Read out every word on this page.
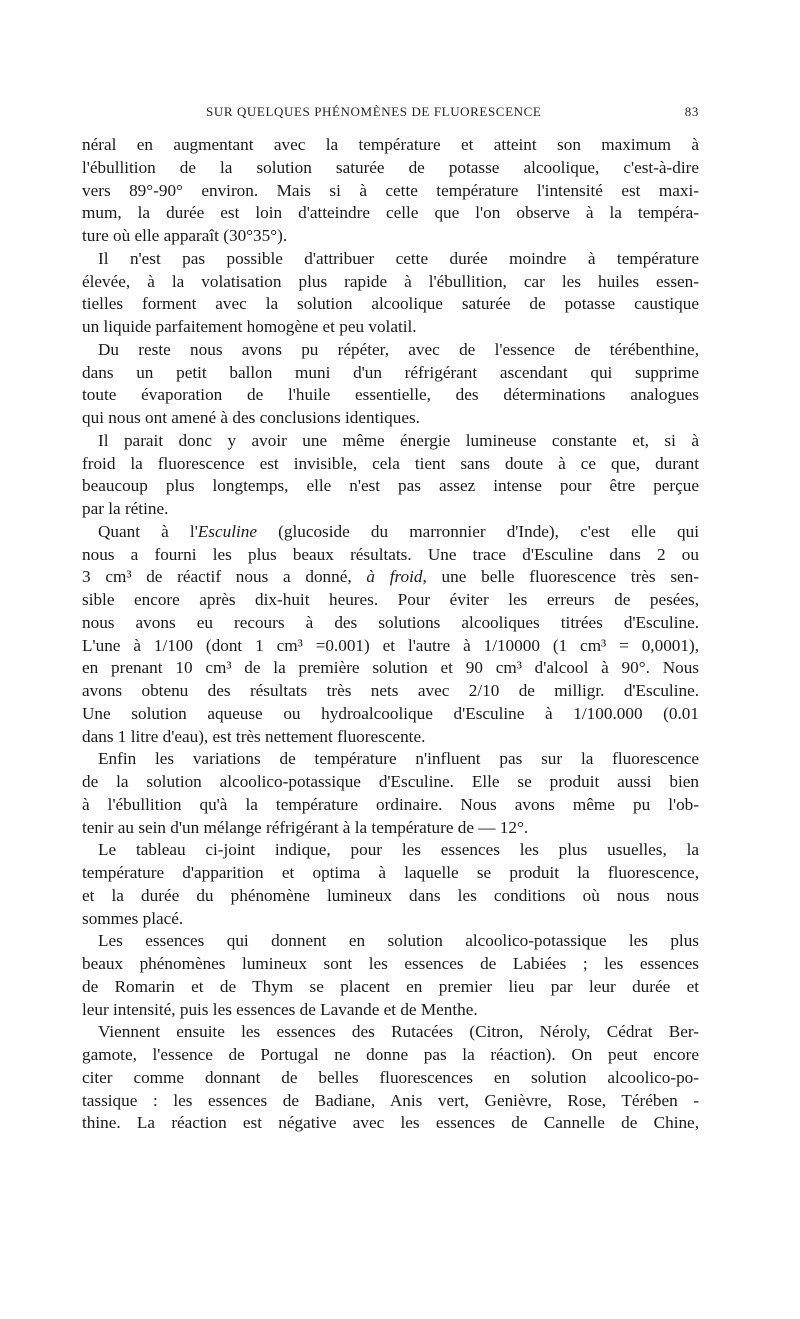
SUR QUELQUES PHÉNOMÈNES DE FLUORESCENCE	83
néral en augmentant avec la température et atteint son maximum à
l'ébullition de la solution saturée de potasse alcoolique, c'est-à-dire
vers 89°-90° environ. Mais si à cette température l'intensité est maxi-
mum, la durée est loin d'atteindre celle que l'on observe à la tempéra-
ture où elle apparaît (30°35°).
Il n'est pas possible d'attribuer cette durée moindre à température
élevée, à la volatisation plus rapide à l'ébullition, car les huiles essen-
tielles forment avec la solution alcoolique saturée de potasse caustique
un liquide parfaitement homogène et peu volatil.
Du reste nous avons pu répéter, avec de l'essence de térébenthine,
dans un petit ballon muni d'un réfrigérant ascendant qui supprime
toute évaporation de l'huile essentielle, des déterminations analogues
qui nous ont amené à des conclusions identiques.
Il parait donc y avoir une même énergie lumineuse constante et, si à
froid la fluorescence est invisible, cela tient sans doute à ce que, durant
beaucoup plus longtemps, elle n'est pas assez intense pour être perçue
par la rétine.
Quant à l'Esculine (glucoside du marronnier d'Inde), c'est elle qui
nous a fourni les plus beaux résultats. Une trace d'Esculine dans 2 ou
3 cm³ de réactif nous a donné, à froid, une belle fluorescence très sen-
sible encore après dix-huit heures. Pour éviter les erreurs de pesées,
nous avons eu recours à des solutions alcooliques titrées d'Esculine.
L'une à 1/100 (dont 1 cm³ =0.001) et l'autre à 1/10000 (1 cm³ = 0,0001),
en prenant 10 cm³ de la première solution et 90 cm³ d'alcool à 90°. Nous
avons obtenu des résultats très nets avec 2/10 de milligr. d'Esculine.
Une solution aqueuse ou hydroalcoolique d'Esculine à 1/100.000 (0.01
dans 1 litre d'eau), est très nettement fluorescente.
Enfin les variations de température n'influent pas sur la fluorescence
de la solution alcoolico-potassique d'Esculine. Elle se produit aussi bien
à l'ébullition qu'à la température ordinaire. Nous avons même pu l'ob-
tenir au sein d'un mélange réfrigérant à la température de — 12°.
Le tableau ci-joint indique, pour les essences les plus usuelles, la
température d'apparition et optima à laquelle se produit la fluorescence,
et la durée du phénomène lumineux dans les conditions où nous nous
sommes placé.
Les essences qui donnent en solution alcoolico-potassique les plus
beaux phénomènes lumineux sont les essences de Labiées ; les essences
de Romarin et de Thym se placent en premier lieu par leur durée et
leur intensité, puis les essences de Lavande et de Menthe.
Viennent ensuite les essences des Rutacées (Citron, Néroly, Cédrat Ber-
gamote, l'essence de Portugal ne donne pas la réaction). On peut encore
citer comme donnant de belles fluorescences en solution alcoolico-po-
tassique : les essences de Badiane, Anis vert, Genièvre, Rose, Térében -
thine. La réaction est négative avec les essences de Cannelle de Chine,
